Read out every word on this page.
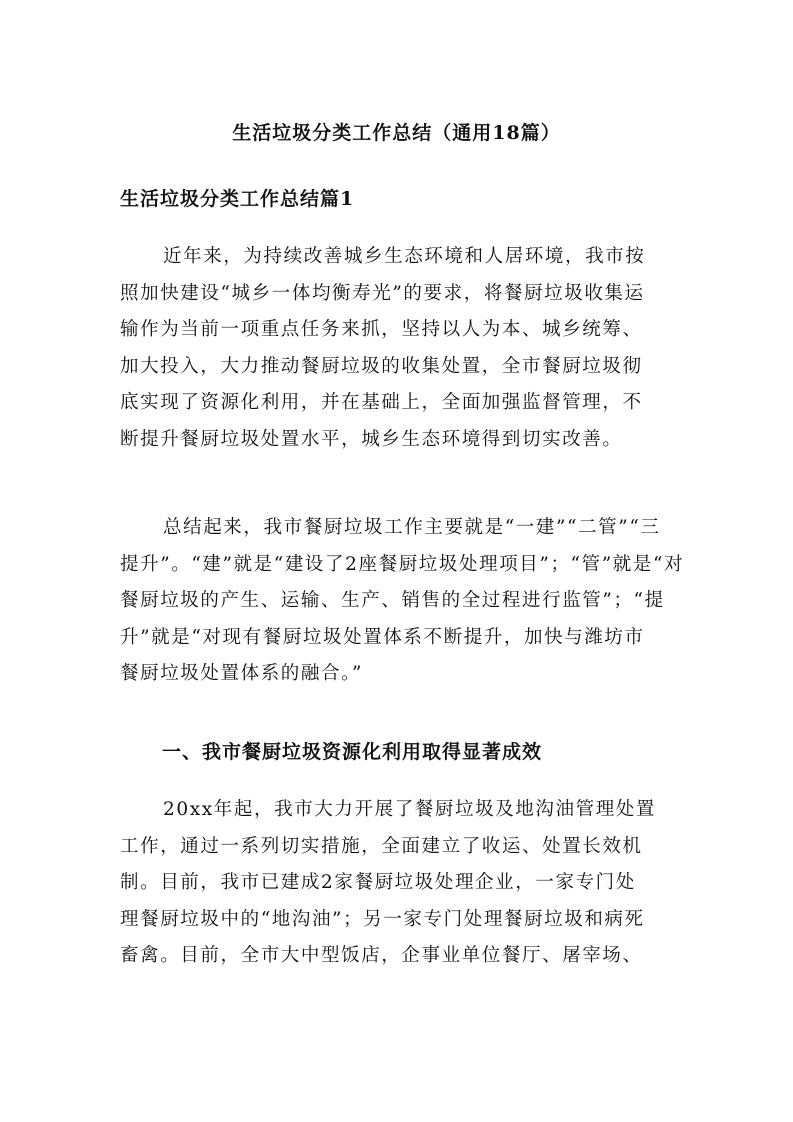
生活垃圾分类工作总结（通用18篇）
生活垃圾分类工作总结篇1
近年来，为持续改善城乡生态环境和人居环境，我市按
照加快建设“城乡一体均衡寿光”的要求，将餐厨垃圾收集运
输作为当前一项重点任务来抓，坚持以人为本、城乡统筹、
加大投入，大力推动餐厨垃圾的收集处置，全市餐厨垃圾彻
底实现了资源化利用，并在基础上，全面加强监督管理，不
断提升餐厨垃圾处置水平，城乡生态环境得到切实改善。
总结起来，我市餐厨垃圾工作主要就是“一建”“二管”“三
提升”。“建”就是“建设了2座餐厨垃圾处理项目”；“管”就是“对
餐厨垃圾的产生、运输、生产、销售的全过程进行监管”；“提
升”就是“对现有餐厨垃圾处置体系不断提升，加快与潍坊市
餐厨垃圾处置体系的融合。”
一、我市餐厨垃圾资源化利用取得显著成效
20xx年起，我市大力开展了餐厨垃圾及地沟油管理处置
工作，通过一系列切实措施，全面建立了收运、处置长效机
制。目前，我市已建成2家餐厨垃圾处理企业，一家专门处
理餐厨垃圾中的“地沟油”；另一家专门处理餐厨垃圾和病死
畜禽。目前，全市大中型饭店，企事业单位餐厅、屠宰场、
